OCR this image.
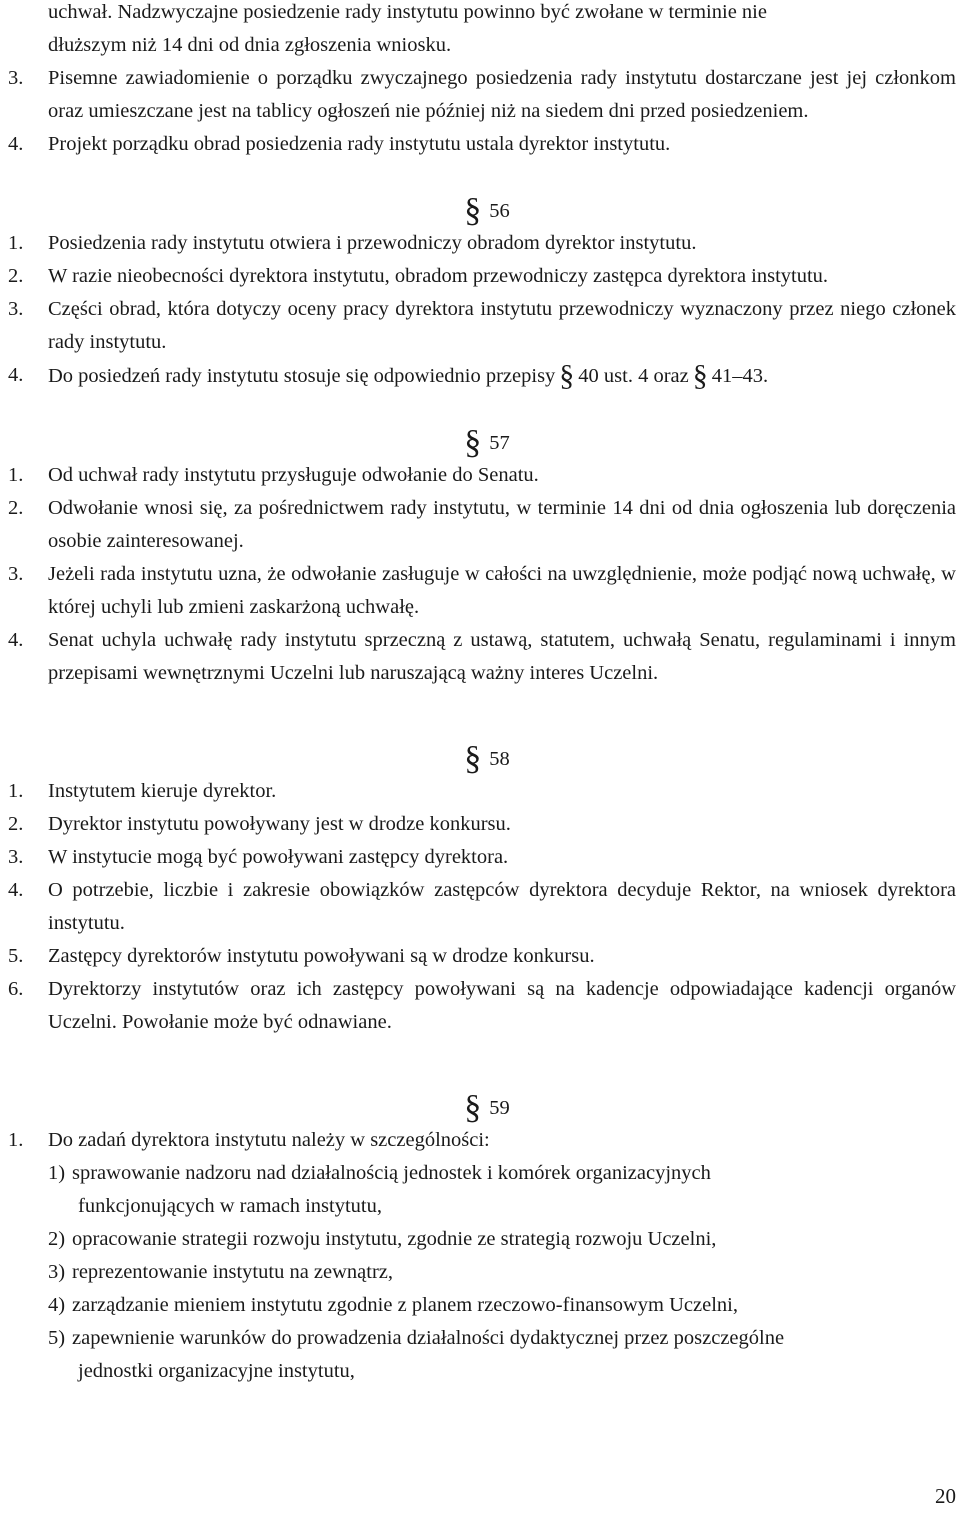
uchwał. Nadzwyczajne posiedzenie rady instytutu powinno być zwołane w terminie nie
dłuższym niż 14 dni od dnia zgłoszenia wniosku.
3.	Pisemne zawiadomienie o porządku zwyczajnego posiedzenia rady instytutu dostarczane jest jej członkom oraz umieszczane jest na tablicy ogłoszeń nie później niż na siedem dni przed posiedzeniem.
4.	Projekt porządku obrad posiedzenia rady instytutu ustala dyrektor instytutu.
§ 56
1.	Posiedzenia rady instytutu otwiera i przewodniczy obradom dyrektor instytutu.
2.	W razie nieobecności dyrektora instytutu, obradom przewodniczy zastępca dyrektora instytutu.
3.	Części obrad, która dotyczy oceny pracy dyrektora instytutu przewodniczy wyznaczony przez niego członek rady instytutu.
4.	Do posiedzeń rady instytutu stosuje się odpowiednio przepisy § 40 ust. 4 oraz § 41–43.
§ 57
1.	Od uchwał rady instytutu przysługuje odwołanie do Senatu.
2.	Odwołanie wnosi się, za pośrednictwem rady instytutu, w terminie 14 dni od dnia ogłoszenia lub doręczenia osobie zainteresowanej.
3.	Jeżeli rada instytutu uzna, że odwołanie zasługuje w całości na uwzględnienie, może podjąć nową uchwałę, w której uchyli lub zmieni zaskarżoną uchwałę.
4.	Senat uchyla uchwałę rady instytutu sprzeczną z ustawą, statutem, uchwałą Senatu, regulaminami i innym przepisami wewnętrznymi Uczelni lub naruszającą ważny interes Uczelni.
§ 58
1.	Instytutem kieruje dyrektor.
2.	Dyrektor instytutu powoływany jest w drodze konkursu.
3.	W instytucie mogą być powoływani zastępcy dyrektora.
4.	O potrzebie, liczbie i zakresie obowiązków zastępców dyrektora decyduje Rektor, na wniosek dyrektora instytutu.
5.	Zastępcy dyrektorów instytutu powoływani są w drodze konkursu.
6.	Dyrektorzy instytutów oraz ich zastępcy powoływani są na kadencje odpowiadające kadencji organów Uczelni. Powołanie może być odnawiane.
§ 59
1.	Do zadań dyrektora instytutu należy w szczególności:
1) sprawowanie nadzoru nad działalnością jednostek i komórek organizacyjnych
funkcjonujących w ramach instytutu,
2) opracowanie strategii rozwoju instytutu, zgodnie ze strategią rozwoju Uczelni,
3) reprezentowanie instytutu na zewnątrz,
4) zarządzanie mieniem instytutu zgodnie z planem rzeczowo-finansowym Uczelni,
5) zapewnienie warunków do prowadzenia działalności dydaktycznej przez poszczególne
jednostki organizacyjne instytutu,
20
